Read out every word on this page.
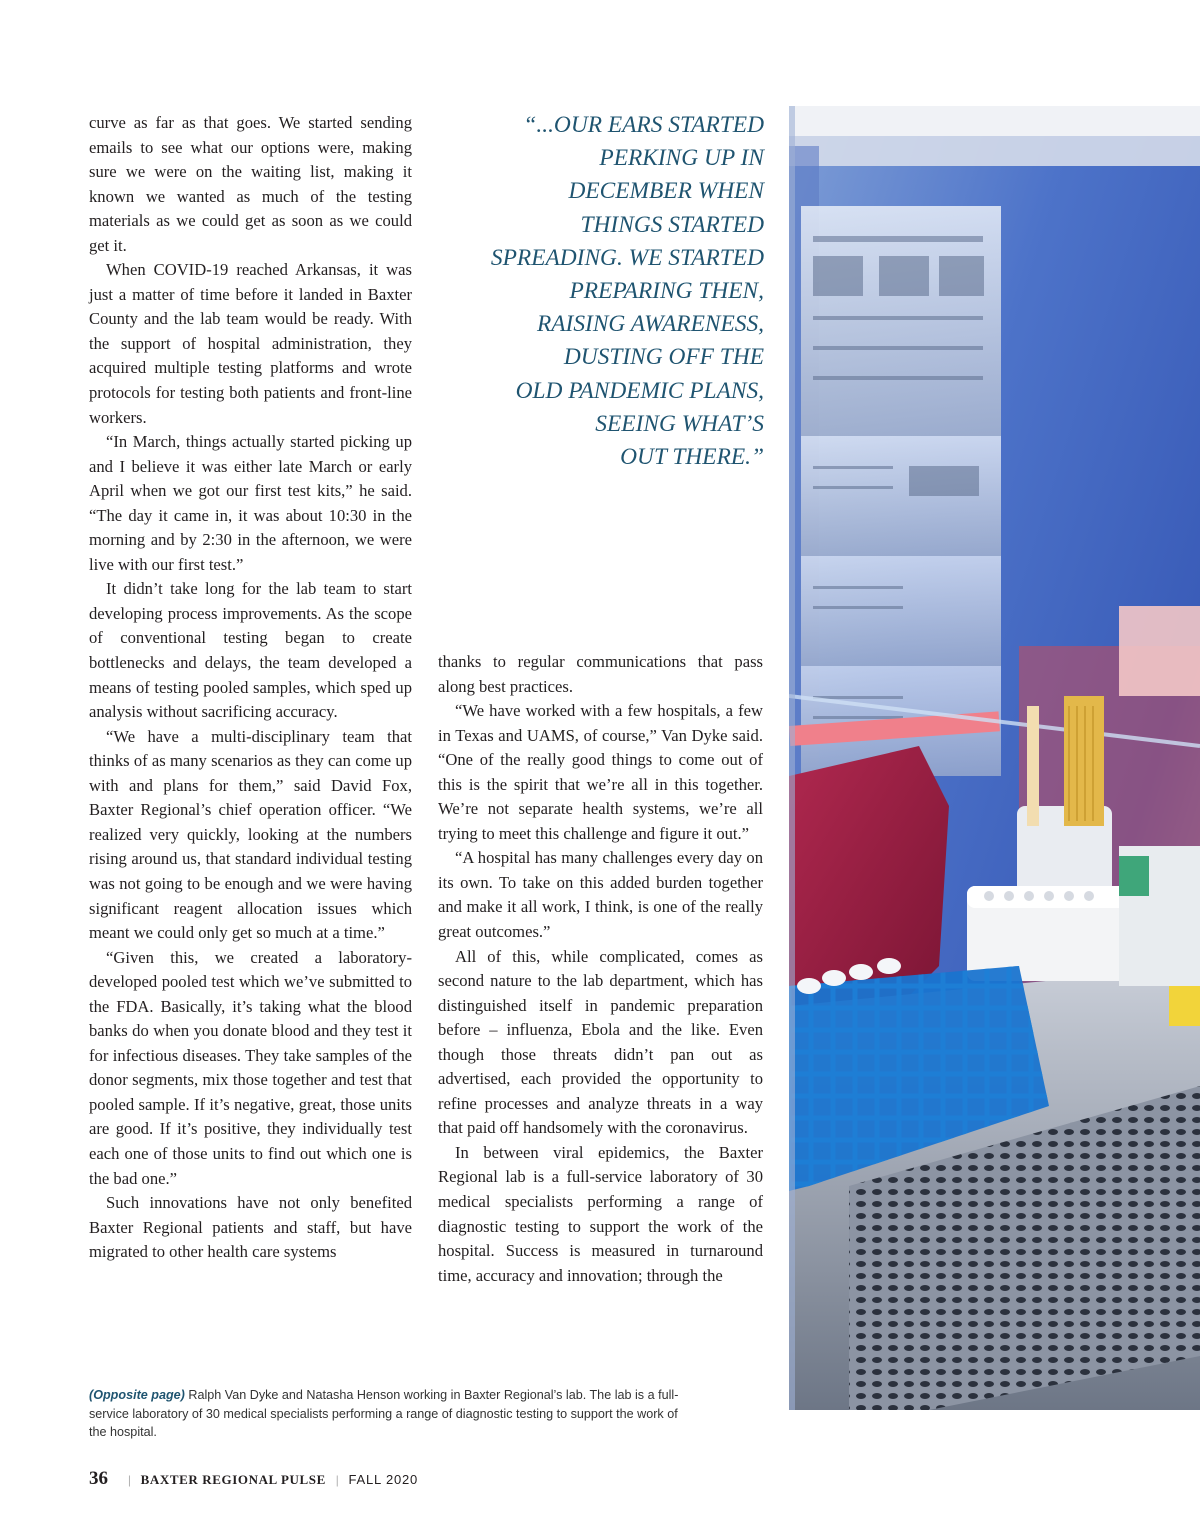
curve as far as that goes. We started sending emails to see what our options were, making sure we were on the waiting list, making it known we wanted as much of the testing materials as we could get as soon as we could get it.

When COVID-19 reached Arkansas, it was just a matter of time before it landed in Baxter County and the lab team would be ready. With the support of hospital administration, they acquired multiple testing platforms and wrote protocols for testing both patients and front-line workers.

“In March, things actually started picking up and I believe it was either late March or early April when we got our first test kits,” he said. “The day it came in, it was about 10:30 in the morning and by 2:30 in the afternoon, we were live with our first test.”

It didn’t take long for the lab team to start developing process improvements. As the scope of conventional testing began to create bottlenecks and delays, the team developed a means of testing pooled samples, which sped up analysis without sacrificing accuracy.

“We have a multi-disciplinary team that thinks of as many scenarios as they can come up with and plans for them,” said David Fox, Baxter Regional’s chief operation officer. “We realized very quickly, looking at the numbers rising around us, that standard individual testing was not going to be enough and we were having significant reagent allocation issues which meant we could only get so much at a time.”

“Given this, we created a laboratory-developed pooled test which we’ve submitted to the FDA. Basically, it’s taking what the blood banks do when you donate blood and they test it for infectious diseases. They take samples of the donor segments, mix those together and test that pooled sample. If it’s negative, great, those units are good. If it’s positive, they individually test each one of those units to find out which one is the bad one.”

Such innovations have not only benefited Baxter Regional patients and staff, but have migrated to other health care systems

“...OUR EARS STARTED
PERKING UP IN
DECEMBER WHEN
THINGS STARTED
SPREADING. WE STARTED
PREPARING THEN,
RAISING AWARENESS,
DUSTING OFF THE
OLD PANDEMIC PLANS,
SEEING WHAT’S
OUT THERE.”

thanks to regular communications that pass along best practices.

“We have worked with a few hospitals, a few in Texas and UAMS, of course,” Van Dyke said. “One of the really good things to come out of this is the spirit that we’re all in this together. We’re not separate health systems, we’re all trying to meet this challenge and figure it out.”

“A hospital has many challenges every day on its own. To take on this added burden together and make it all work, I think, is one of the really great outcomes.”

All of this, while complicated, comes as second nature to the lab department, which has distinguished itself in pandemic preparation before – influenza, Ebola and the like. Even though those threats didn’t pan out as advertised, each provided the opportunity to refine processes and analyze threats in a way that paid off handsomely with the coronavirus.

In between viral epidemics, the Baxter Regional lab is a full-service laboratory of 30 medical specialists performing a range of diagnostic testing to support the work of the hospital. Success is measured in turnaround time, accuracy and innovation; through the

(Opposite page) Ralph Van Dyke and Natasha Henson working in Baxter Regional’s lab. The lab is a full-service laboratory of 30 medical specialists performing a range of diagnostic testing to support the work of the hospital.
36 | BAXTER REGIONAL PULSE | FALL 2020
